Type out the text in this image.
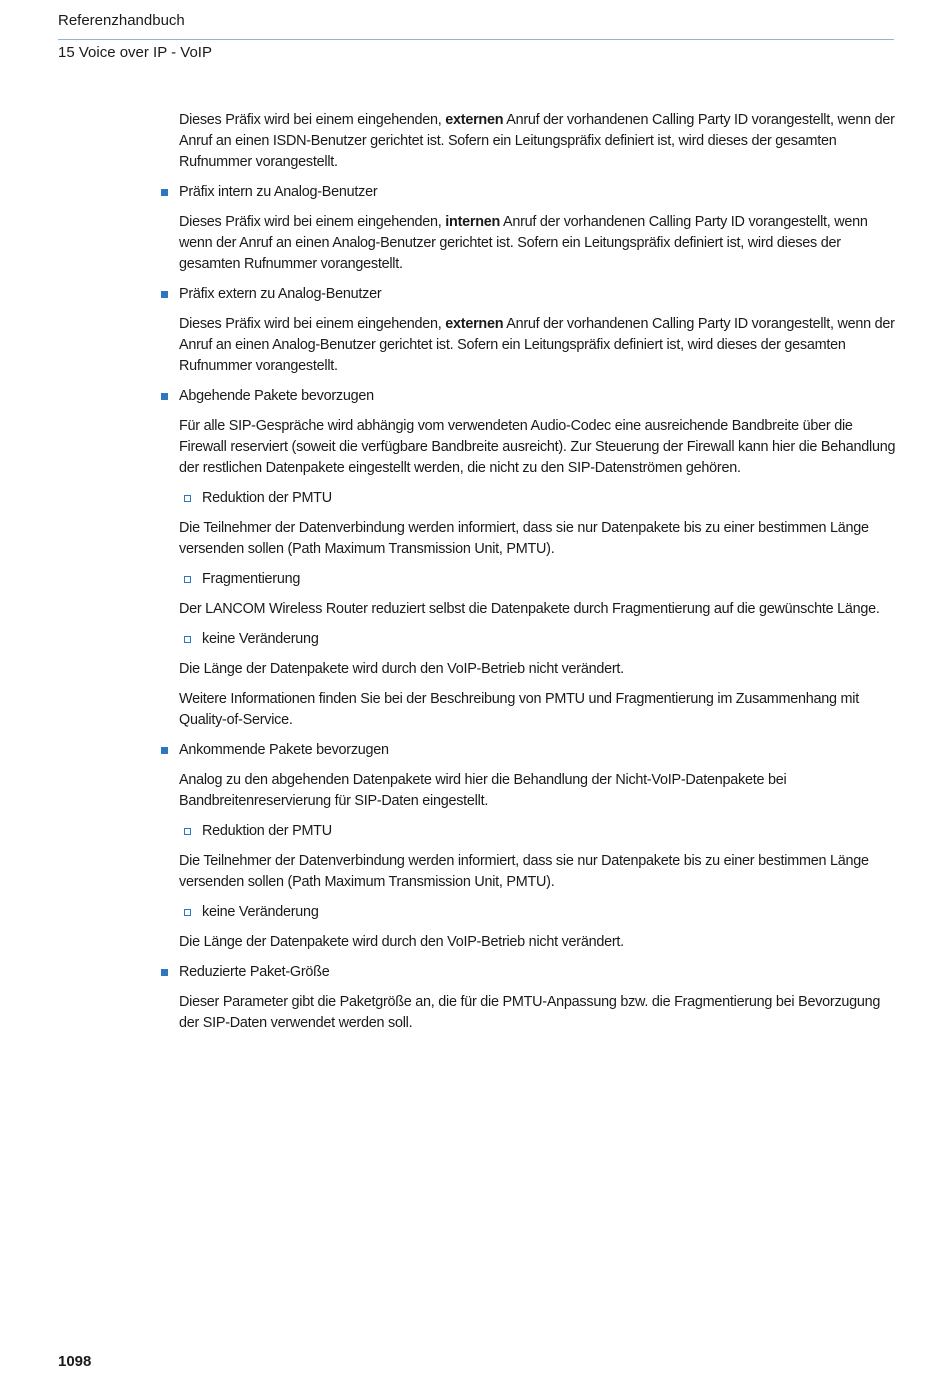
Referenzhandbuch
15 Voice over IP - VoIP

Dieses Präfix wird bei einem eingehenden, externen Anruf der vorhandenen Calling Party ID vorangestellt, wenn der Anruf an einen ISDN-Benutzer gerichtet ist. Sofern ein Leitungspräfix definiert ist, wird dieses der gesamten Rufnummer vorangestellt.

Präfix intern zu Analog-Benutzer

Dieses Präfix wird bei einem eingehenden, internen Anruf der vorhandenen Calling Party ID vorangestellt, wenn wenn der Anruf an einen Analog-Benutzer gerichtet ist. Sofern ein Leitungspräfix definiert ist, wird dieses der gesamten Rufnummer vorangestellt.

Präfix extern zu Analog-Benutzer

Dieses Präfix wird bei einem eingehenden, externen Anruf der vorhandenen Calling Party ID vorangestellt, wenn der Anruf an einen Analog-Benutzer gerichtet ist. Sofern ein Leitungspräfix definiert ist, wird dieses der gesamten Rufnummer vorangestellt.

Abgehende Pakete bevorzugen

Für alle SIP-Gespräche wird abhängig vom verwendeten Audio-Codec eine ausreichende Bandbreite über die Firewall reserviert (soweit die verfügbare Bandbreite ausreicht). Zur Steuerung der Firewall kann hier die Behandlung der restlichen Datenpakete eingestellt werden, die nicht zu den SIP-Datenströmen gehören.

Reduktion der PMTU

Die Teilnehmer der Datenverbindung werden informiert, dass sie nur Datenpakete bis zu einer bestimmen Länge versenden sollen (Path Maximum Transmission Unit, PMTU).

Fragmentierung

Der LANCOM Wireless Router reduziert selbst die Datenpakete durch Fragmentierung auf die gewünschte Länge.

keine Veränderung

Die Länge der Datenpakete wird durch den VoIP-Betrieb nicht verändert.

Weitere Informationen finden Sie bei der Beschreibung von PMTU und Fragmentierung im Zusammenhang mit Quality-of-Service.

Ankommende Pakete bevorzugen

Analog zu den abgehenden Datenpakete wird hier die Behandlung der Nicht-VoIP-Datenpakete bei Bandbreitenreservierung für SIP-Daten eingestellt.

Reduktion der PMTU

Die Teilnehmer der Datenverbindung werden informiert, dass sie nur Datenpakete bis zu einer bestimmen Länge versenden sollen (Path Maximum Transmission Unit, PMTU).

keine Veränderung

Die Länge der Datenpakete wird durch den VoIP-Betrieb nicht verändert.

Reduzierte Paket-Größe

Dieser Parameter gibt die Paketgröße an, die für die PMTU-Anpassung bzw. die Fragmentierung bei Bevorzugung der SIP-Daten verwendet werden soll.

1098
